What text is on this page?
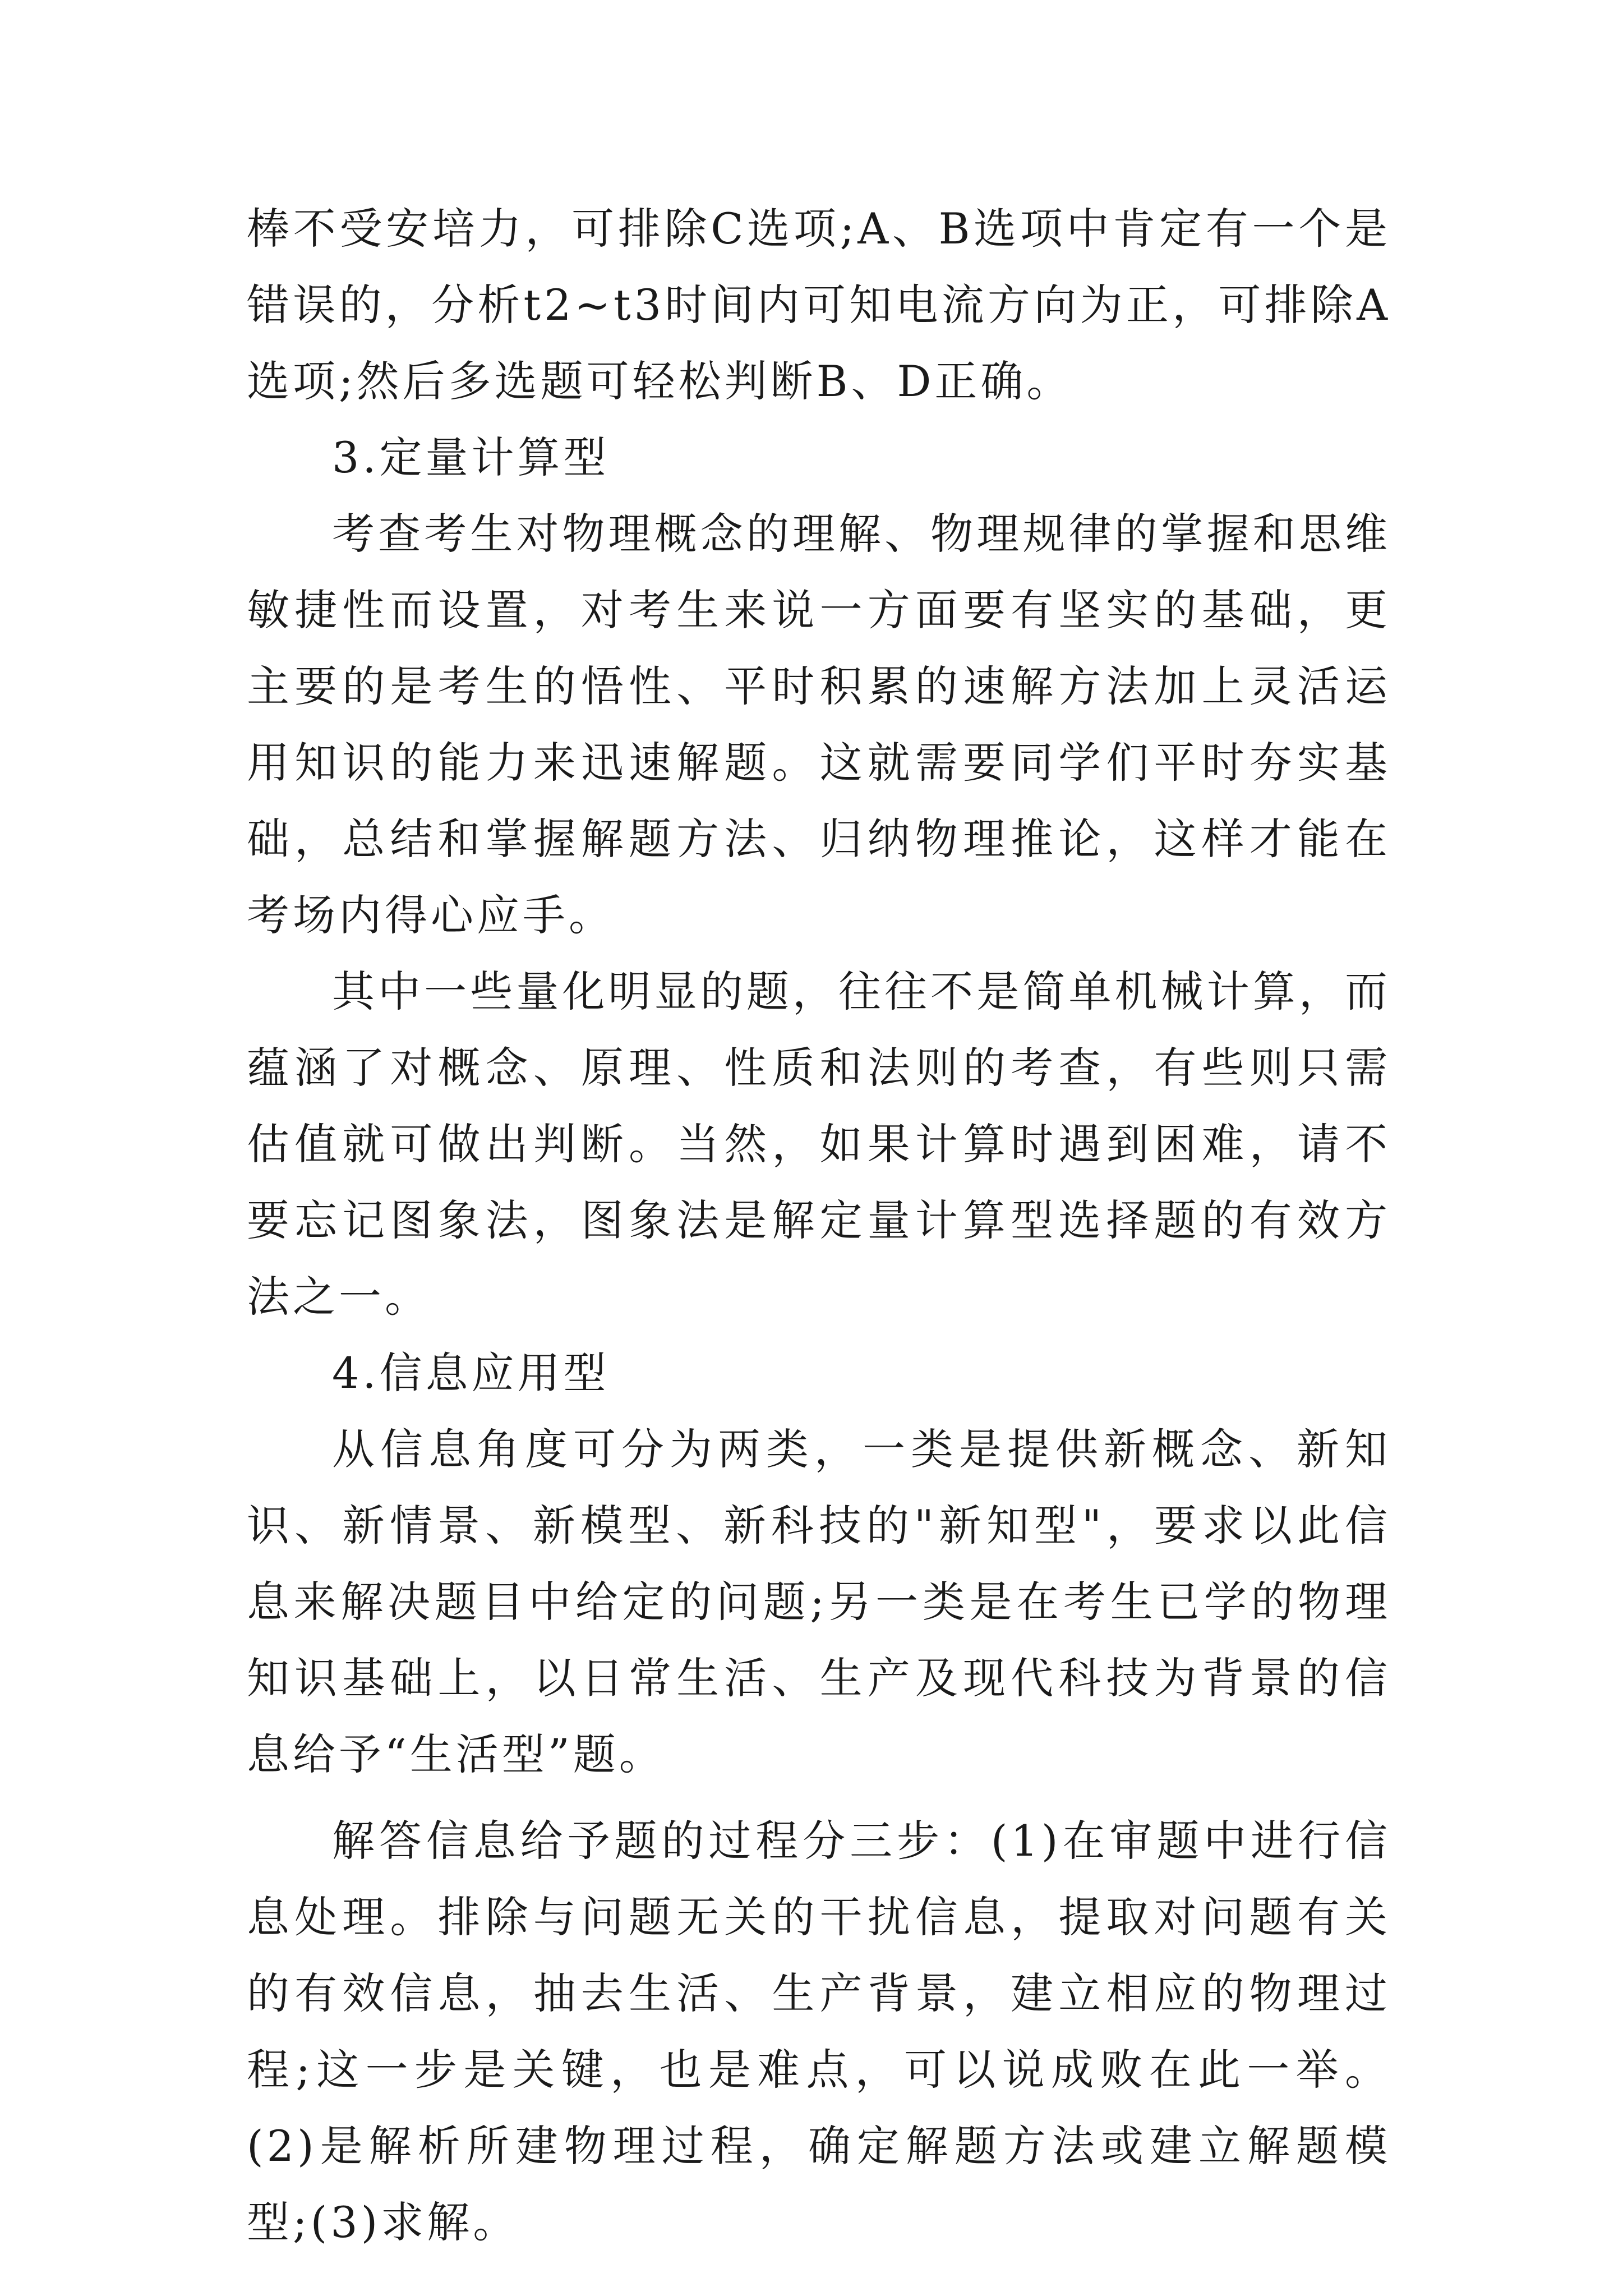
棒不受安培力，可排除C选项;A、B选项中肯定有一个是错误的，分析t2~t3时间内可知电流方向为正，可排除A选项;然后多选题可轻松判断B、D正确。

3.定量计算型

考查考生对物理概念的理解、物理规律的掌握和思维敏捷性而设置，对考生来说一方面要有坚实的基础，更主要的是考生的悟性、平时积累的速解方法加上灵活运用知识的能力来迅速解题。这就需要同学们平时夯实基础，总结和掌握解题方法、归纳物理推论，这样才能在考场内得心应手。

其中一些量化明显的题，往往不是简单机械计算，而蕴涵了对概念、原理、性质和法则的考查，有些则只需估值就可做出判断。当然，如果计算时遇到困难，请不要忘记图象法，图象法是解定量计算型选择题的有效方法之一。

4.信息应用型

从信息角度可分为两类，一类是提供新概念、新知识、新情景、新模型、新科技的"新知型"，要求以此信息来解决题目中给定的问题;另一类是在考生已学的物理知识基础上，以日常生活、生产及现代科技为背景的信息给予“生活型”题。

解答信息给予题的过程分三步：(1)在审题中进行信息处理。排除与问题无关的干扰信息，提取对问题有关的有效信息，抽去生活、生产背景，建立相应的物理过程;这一步是关键，也是难点，可以说成败在此一举。(2)是解析所建物理过程，确定解题方法或建立解题模型;(3)求解。
